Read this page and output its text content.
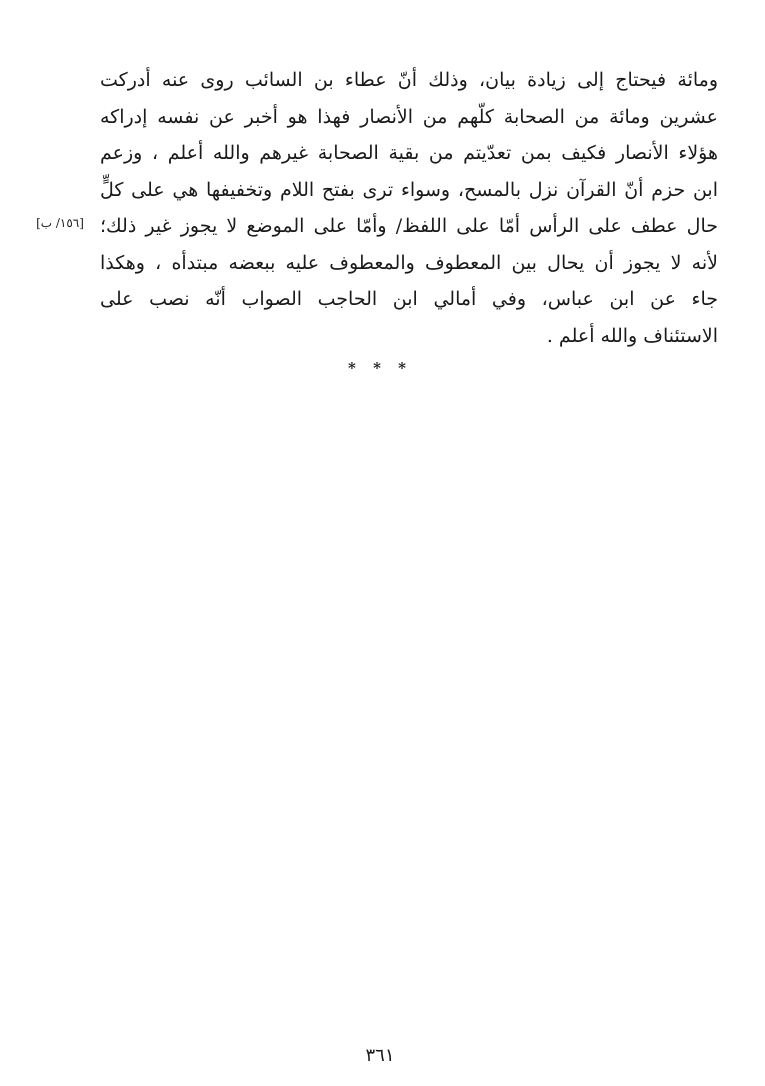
ومائة فيحتاج إلى زيادة بيان، وذلك أنّ عطاء بن السائب روى عنه أدركت
عشرين ومائة من الصحابة كلّهم من الأنصار فهذا هو أخبر عن نفسه إدراكه
هؤلاء الأنصار فكيف بمن تعدّيتم من بقية الصحابة غيرهم والله أعلم ، وزعم
ابن حزم أنّ القرآن نزل بالمسح، وسواء ترى بفتح اللام وتخفيفها هي على كلٍّ
حال عطف على الرأس أمّا على اللفظ/ وأمّا على الموضع لا يجوز غير ذلك؛
لأنه لا يجوز أن يحال بين المعطوف والمعطوف عليه ببعضه مبتدأه ، وهكذا
جاء عن ابن عباس، وفي أمالي ابن الحاجب الصواب أنّه نصب على
الاستئناف والله أعلم .
[١٥٦/ ب]
* * *
٣٦١
